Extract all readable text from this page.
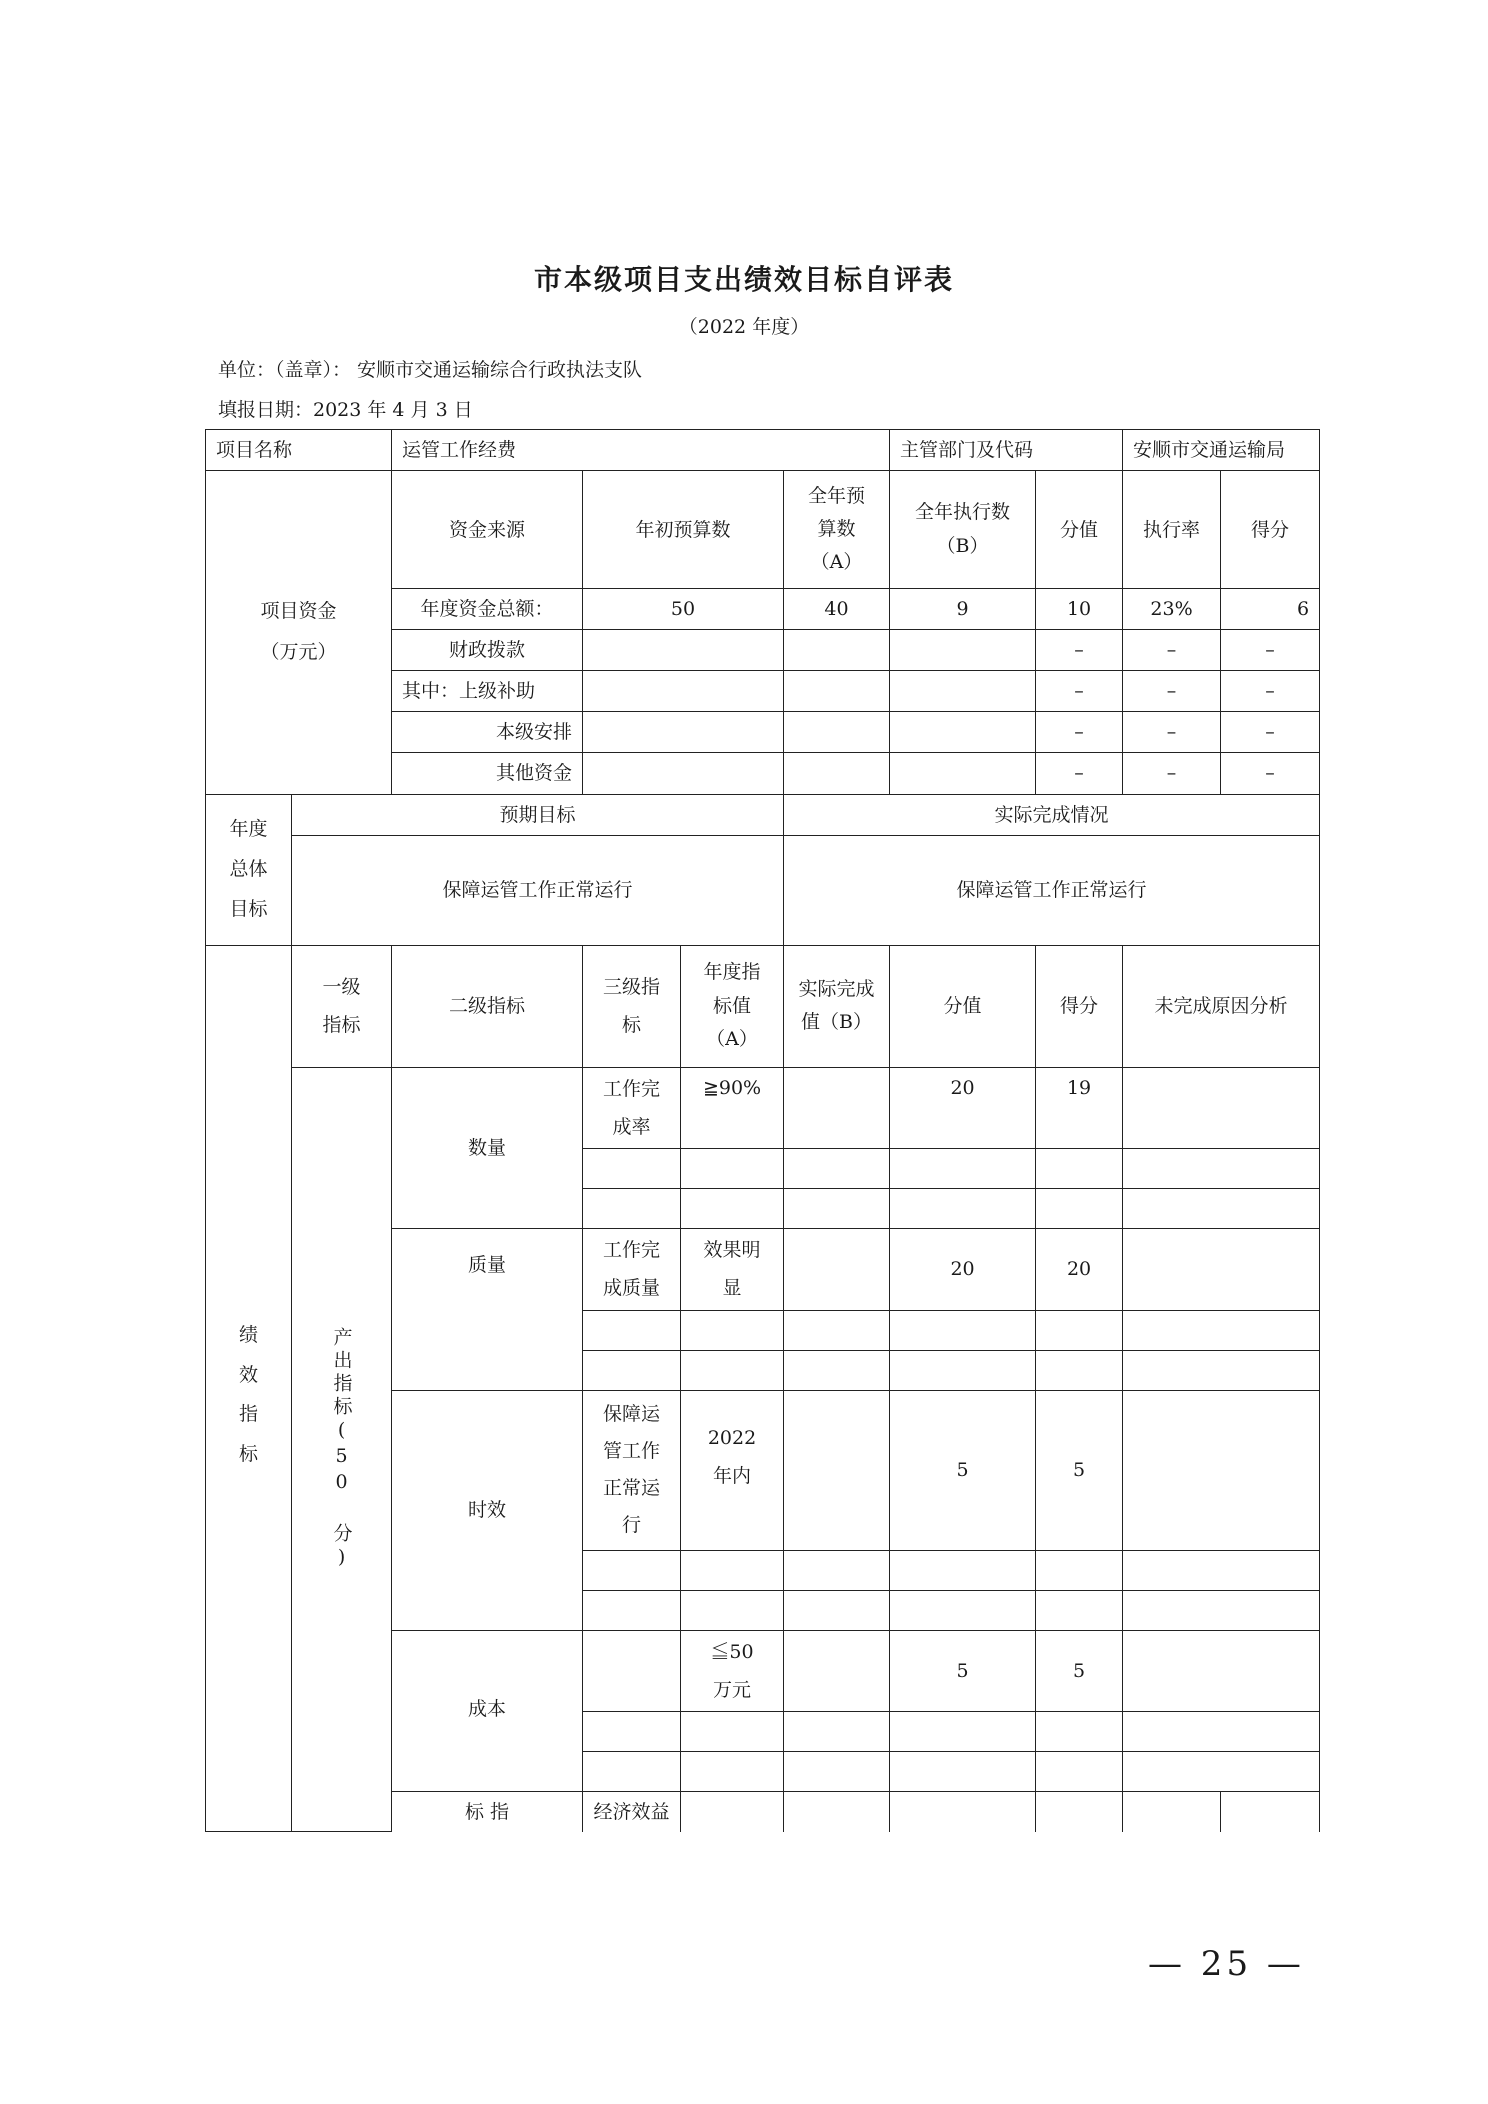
市本级项目支出绩效目标自评表
（2022 年度）
单位：（盖章）： 安顺市交通运输综合行政执法支队
填报日期：2023 年 4 月 3 日
项目名称		运管工作经费				主管部门及代码		安顺市交通运输局	

项目资金（万元）		资金来源	年初预算数		全年预算数（A）	全年执行数（B）	分值	执行率	得分
		年度资金总额：	50		40	9	10	23%	6
		财政拨款					–	–	–
		其中：上级补助					–	–	–
		本级安排					–	–	–
		其他资金					–	–	–

年度总体目标	预期目标				实际完成情况				
	保障运管工作正常运行				保障运管工作正常运行				

绩效指标	一级 指标	二级指标	三级指标	年度指标值（A）	实际完成值（B）	分值	得分	未完成原因分析	

	产出指标(50 分)	数量	工作完成率	≧90%		20	19		

		质量	工作完成质量	效果明显		20	20		

		时效	保障运管工作正常运行	2022 年内		5	5		

		成本		≦50 万元		5	5		

		标 指	经济效益						
— 25 —
